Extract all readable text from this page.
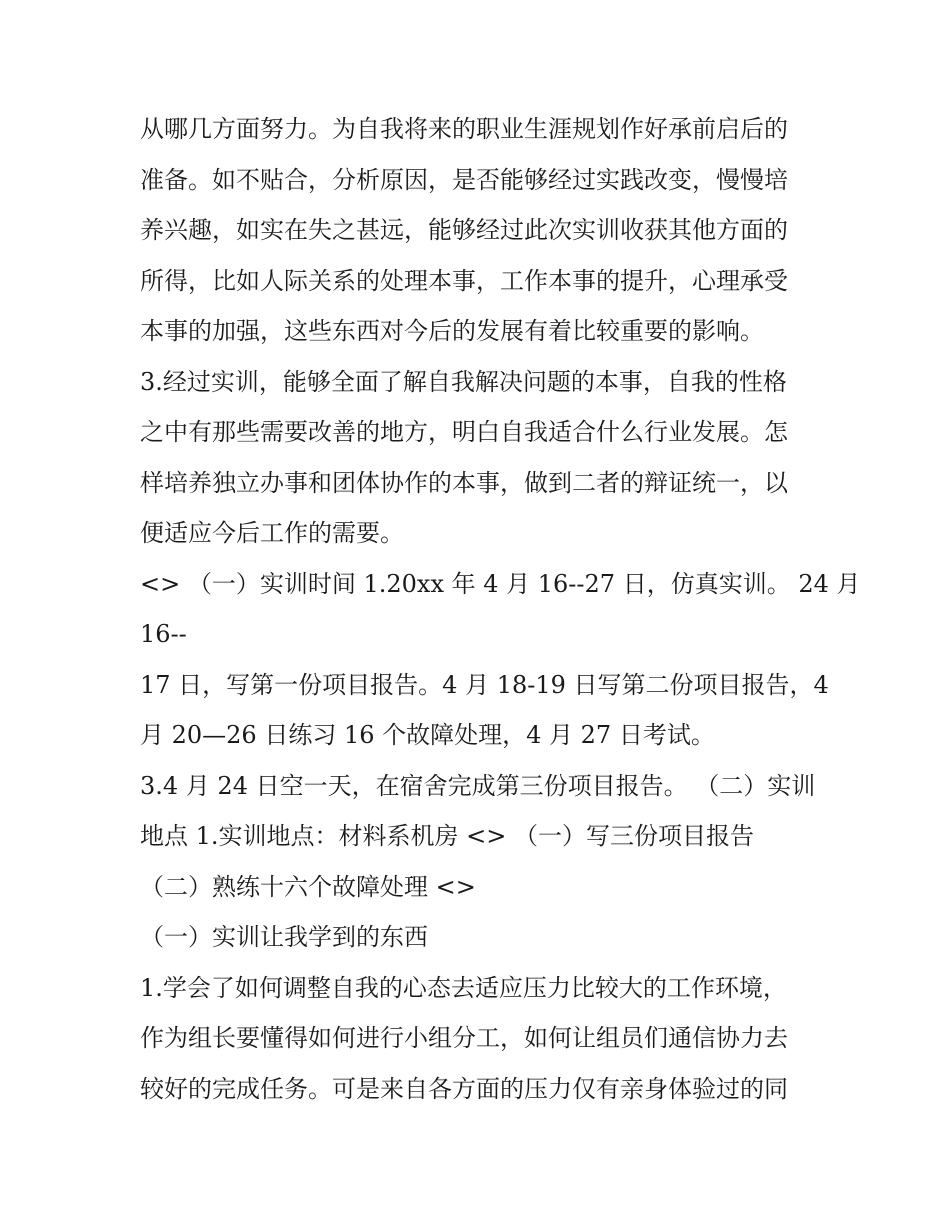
从哪几方面努力。为自我将来的职业生涯规划作好承前启后的
准备。如不贴合，分析原因，是否能够经过实践改变，慢慢培
养兴趣，如实在失之甚远，能够经过此次实训收获其他方面的
所得，比如人际关系的处理本事，工作本事的提升，心理承受
本事的加强，这些东西对今后的发展有着比较重要的影响。
3.经过实训，能够全面了解自我解决问题的本事，自我的性格
之中有那些需要改善的地方，明白自我适合什么行业发展。怎
样培养独立办事和团体协作的本事，做到二者的辩证统一，以
便适应今后工作的需要。
<> （一）实训时间 1.20xx 年 4 月 16--27 日，仿真实训。 24 月
16--
17 日，写第一份项目报告。4 月 18-19 日写第二份项目报告，4
月 20—26 日练习 16 个故障处理，4 月 27 日考试。
3.4 月 24 日空一天，在宿舍完成第三份项目报告。 （二）实训
地点 1.实训地点：材料系机房 <> （一）写三份项目报告
（二）熟练十六个故障处理 <>
（一）实训让我学到的东西
1.学会了如何调整自我的心态去适应压力比较大的工作环境，
作为组长要懂得如何进行小组分工，如何让组员们通信协力去
较好的完成任务。可是来自各方面的压力仅有亲身体验过的同
